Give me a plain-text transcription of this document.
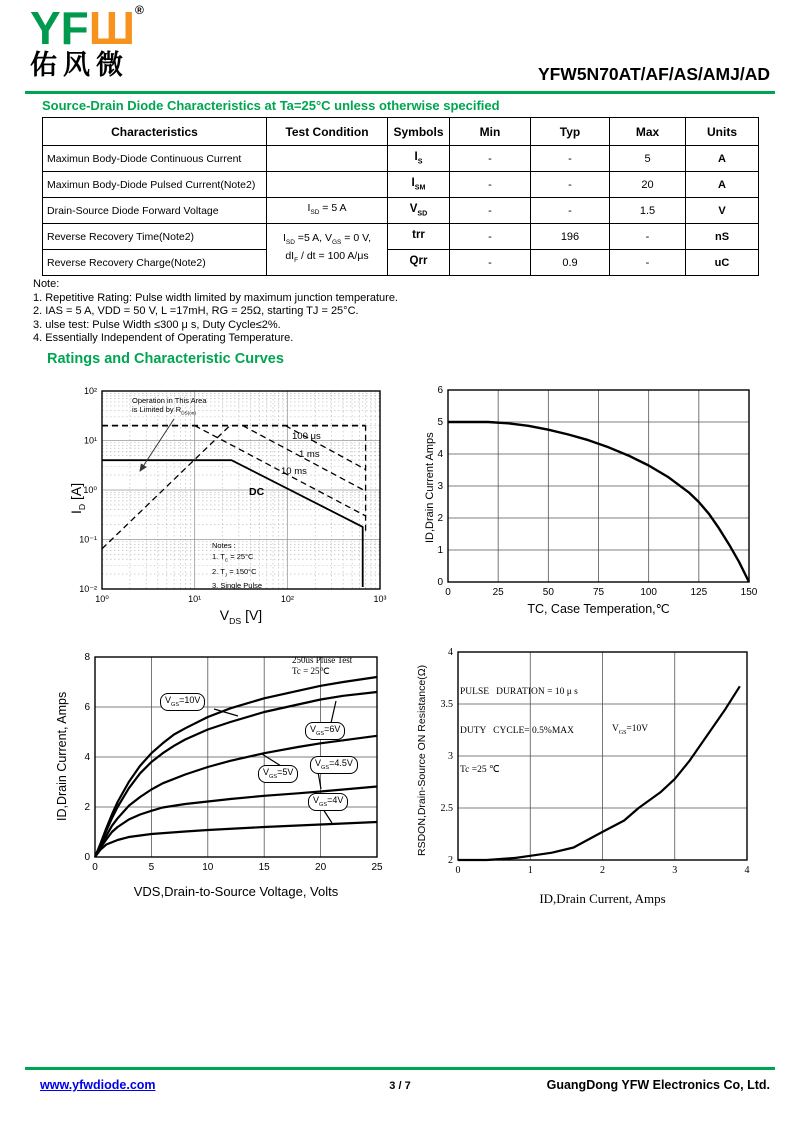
YFШ®
佑风微	YFW5N70AT/AF/AS/AMJ/AD
Source-Drain Diode Characteristics at Ta=25°C unless otherwise specified
Characteristics	Test Condition	Symbols	Min	Typ	Max	Units
Maximun Body-Diode Continuous Current		$I_S$	-	-	5	A
Maximun Body-Diode Pulsed Current(Note2)		$I_{SM}$	-	-	20	A
Drain-Source Diode Forward Voltage	$I_{SD} = 5$ A	$V_{SD}$	-	-	1.5	V
Reverse Recovery Time(Note2)	$I_{SD} =5$ A, $V_{GS} = 0$ V,
$dI_F$ / dt = 100 A/μs	trr	-	196	-	nS
Reverse Recovery Charge(Note2)		Qrr	-	0.9	-	uC
Note:
1. Repetitive Rating: Pulse width limited by maximum junction temperature.
2. IAS = 5 A, VDD = 50 V, L =17mH, RG = 25Ω, starting TJ = 25°C.
3. ulse test: Pulse Width ≤300 μ s, Duty Cycle≤2%.
4. Essentially Independent of Operating Temperature.
Ratings and Characteristic Curves
10⁰	10¹	10²	10³
10⁻²
10⁻¹
10⁰
10¹
10²
Operation in This Area
is Limited by $R_{DS(on)}$
100 μs
1 ms
10 ms
DC
Notes :
1. $T_C = 25^\circ C$
2. $T_J = 150^\circ C$
3. Single Pulse
$I_D$ [A]
$V_{DS}$ [V]
0	25	50	75	100	125	150
0
1
2
3
4
5
6
ID,Drain Current Amps
TC, Case Temperation,℃
0	5	10	15	20	25
0
2
4
6
8	250us Pluse Test
Tc = 25℃
$V_{GS}=10V$
$V_{GS}=6V$
$V_{GS}=5V$
$V_{GS}=4.5V$
$V_{GS}=4V$
ID,Drain Current, Amps
VDS,Drain-to-Source Voltage, Volts
0	1	2	3	4
2
2.5
3
3.5
4

PULSE   DURATION = 10 μ s

DUTY   CYCLE= 0.5%MAX

Tc =25 ℃

$V_{GS}=10V$
RSDON,Drain-Source ON Resistance(Ω)
ID,Drain Current, Amps
www.yfwdiode.com	3 / 7	GuangDong YFW Electronics Co, Ltd.
